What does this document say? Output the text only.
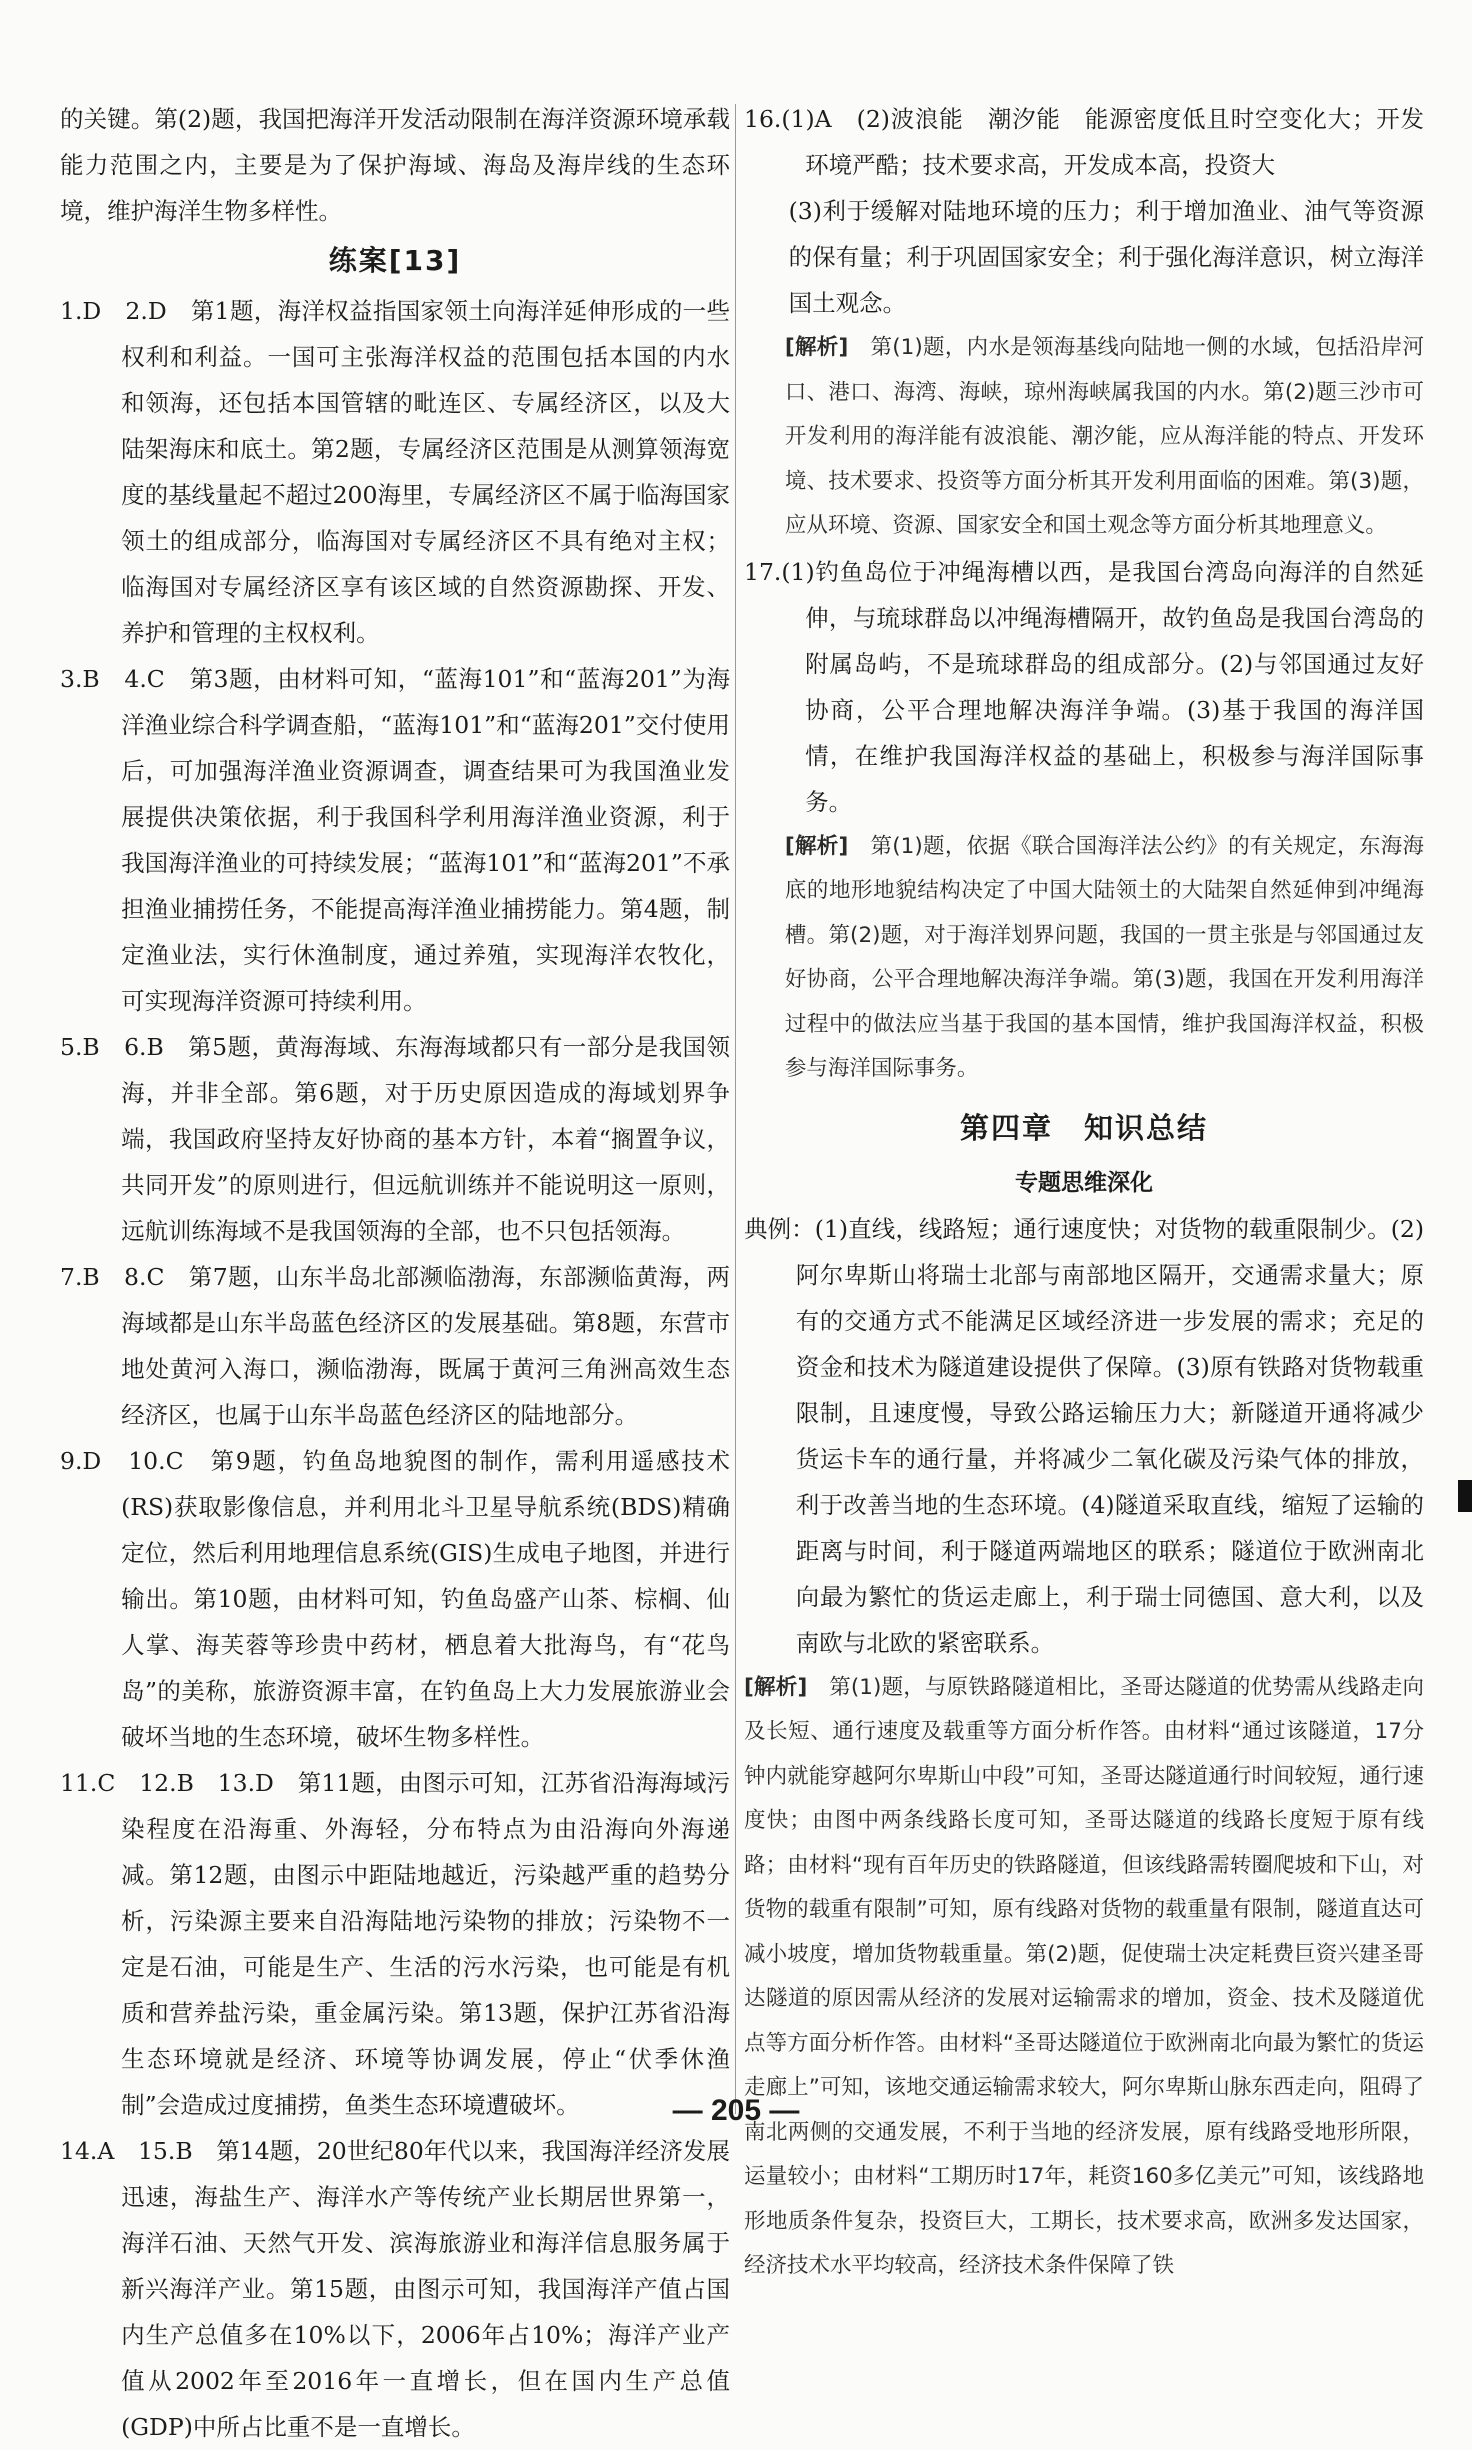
的关键。第(2)题，我国把海洋开发活动限制在海洋资源环境承载能力范围之内，主要是为了保护海域、海岛及海岸线的生态环境，维护海洋生物多样性。

练案[13]

1.D　2.D　第1题，海洋权益指国家领土向海洋延伸形成的一些权利和利益。一国可主张海洋权益的范围包括本国的内水和领海，还包括本国管辖的毗连区、专属经济区，以及大陆架海床和底土。第2题，专属经济区范围是从测算领海宽度的基线量起不超过200海里，专属经济区不属于临海国家领土的组成部分，临海国对专属经济区不具有绝对主权；临海国对专属经济区享有该区域的自然资源勘探、开发、养护和管理的主权权利。

3.B　4.C　第3题，由材料可知，“蓝海101”和“蓝海201”为海洋渔业综合科学调查船，“蓝海101”和“蓝海201”交付使用后，可加强海洋渔业资源调查，调查结果可为我国渔业发展提供决策依据，利于我国科学利用海洋渔业资源，利于我国海洋渔业的可持续发展；“蓝海101”和“蓝海201”不承担渔业捕捞任务，不能提高海洋渔业捕捞能力。第4题，制定渔业法，实行休渔制度，通过养殖，实现海洋农牧化，可实现海洋资源可持续利用。

5.B　6.B　第5题，黄海海域、东海海域都只有一部分是我国领海，并非全部。第6题，对于历史原因造成的海域划界争端，我国政府坚持友好协商的基本方针，本着“搁置争议，共同开发”的原则进行，但远航训练并不能说明这一原则，远航训练海域不是我国领海的全部，也不只包括领海。

7.B　8.C　第7题，山东半岛北部濒临渤海，东部濒临黄海，两海域都是山东半岛蓝色经济区的发展基础。第8题，东营市地处黄河入海口，濒临渤海，既属于黄河三角洲高效生态经济区，也属于山东半岛蓝色经济区的陆地部分。

9.D　10.C　第9题，钓鱼岛地貌图的制作，需利用遥感技术(RS)获取影像信息，并利用北斗卫星导航系统(BDS)精确定位，然后利用地理信息系统(GIS)生成电子地图，并进行输出。第10题，由材料可知，钓鱼岛盛产山茶、棕榈、仙人掌、海芙蓉等珍贵中药材，栖息着大批海鸟，有“花鸟岛”的美称，旅游资源丰富，在钓鱼岛上大力发展旅游业会破坏当地的生态环境，破坏生物多样性。

11.C　12.B　13.D　第11题，由图示可知，江苏省沿海海域污染程度在沿海重、外海轻，分布特点为由沿海向外海递减。第12题，由图示中距陆地越近，污染越严重的趋势分析，污染源主要来自沿海陆地污染物的排放；污染物不一定是石油，可能是生产、生活的污水污染，也可能是有机质和营养盐污染，重金属污染。第13题，保护江苏省沿海生态环境就是经济、环境等协调发展，停止“伏季休渔制”会造成过度捕捞，鱼类生态环境遭破坏。

14.A　15.B　第14题，20世纪80年代以来，我国海洋经济发展迅速，海盐生产、海洋水产等传统产业长期居世界第一，海洋石油、天然气开发、滨海旅游业和海洋信息服务属于新兴海洋产业。第15题，由图示可知，我国海洋产值占国内生产总值多在10%以下，2006年占10%；海洋产业产值从2002年至2016年一直增长，但在国内生产总值(GDP)中所占比重不是一直增长。

16.(1)A　(2)波浪能　潮汐能　能源密度低且时空变化大；开发环境严酷；技术要求高，开发成本高，投资大

(3)利于缓解对陆地环境的压力；利于增加渔业、油气等资源的保有量；利于巩固国家安全；利于强化海洋意识，树立海洋国土观念。

[解析]　 第(1)题，内水是领海基线向陆地一侧的水域，包括沿岸河口、港口、海湾、海峡，琼州海峡属我国的内水。第(2)题三沙市可开发利用的海洋能有波浪能、潮汐能，应从海洋能的特点、开发环境、技术要求、投资等方面分析其开发利用面临的困难。第(3)题，应从环境、资源、国家安全和国土观念等方面分析其地理意义。

17.(1)钓鱼岛位于冲绳海槽以西，是我国台湾岛向海洋的自然延伸，与琉球群岛以冲绳海槽隔开，故钓鱼岛是我国台湾岛的附属岛屿，不是琉球群岛的组成部分。(2)与邻国通过友好协商，公平合理地解决海洋争端。(3)基于我国的海洋国情，在维护我国海洋权益的基础上，积极参与海洋国际事务。

[解析]　 第(1)题，依据《联合国海洋法公约》的有关规定，东海海底的地形地貌结构决定了中国大陆领土的大陆架自然延伸到冲绳海槽。第(2)题，对于海洋划界问题，我国的一贯主张是与邻国通过友好协商，公平合理地解决海洋争端。第(3)题，我国在开发利用海洋过程中的做法应当基于我国的基本国情，维护我国海洋权益，积极参与海洋国际事务。

第四章　知识总结
专题思维深化

典例：(1)直线，线路短；通行速度快；对货物的载重限制少。(2)阿尔卑斯山将瑞士北部与南部地区隔开，交通需求量大；原有的交通方式不能满足区域经济进一步发展的需求；充足的资金和技术为隧道建设提供了保障。(3)原有铁路对货物载重限制，且速度慢，导致公路运输压力大；新隧道开通将减少货运卡车的通行量，并将减少二氧化碳及污染气体的排放，利于改善当地的生态环境。(4)隧道采取直线，缩短了运输的距离与时间，利于隧道两端地区的联系；隧道位于欧洲南北向最为繁忙的货运走廊上，利于瑞士同德国、意大利，以及南欧与北欧的紧密联系。

[解析]　 第(1)题，与原铁路隧道相比，圣哥达隧道的优势需从线路走向及长短、通行速度及载重等方面分析作答。由材料“通过该隧道，17分钟内就能穿越阿尔卑斯山中段”可知，圣哥达隧道通行时间较短，通行速度快；由图中两条线路长度可知，圣哥达隧道的线路长度短于原有线路；由材料“现有百年历史的铁路隧道，但该线路需转圈爬坡和下山，对货物的载重有限制”可知，原有线路对货物的载重量有限制，隧道直达可减小坡度，增加货物载重量。第(2)题，促使瑞士决定耗费巨资兴建圣哥达隧道的原因需从经济的发展对运输需求的增加，资金、技术及隧道优点等方面分析作答。由材料“圣哥达隧道位于欧洲南北向最为繁忙的货运走廊上”可知，该地交通运输需求较大，阿尔卑斯山脉东西走向，阻碍了南北两侧的交通发展，不利于当地的经济发展，原有线路受地形所限，运量较小；由材料“工期历时17年，耗资160多亿美元”可知，该线路地形地质条件复杂，投资巨大，工期长，技术要求高，欧洲多发达国家，经济技术水平均较高，经济技术条件保障了铁

— 205 —
